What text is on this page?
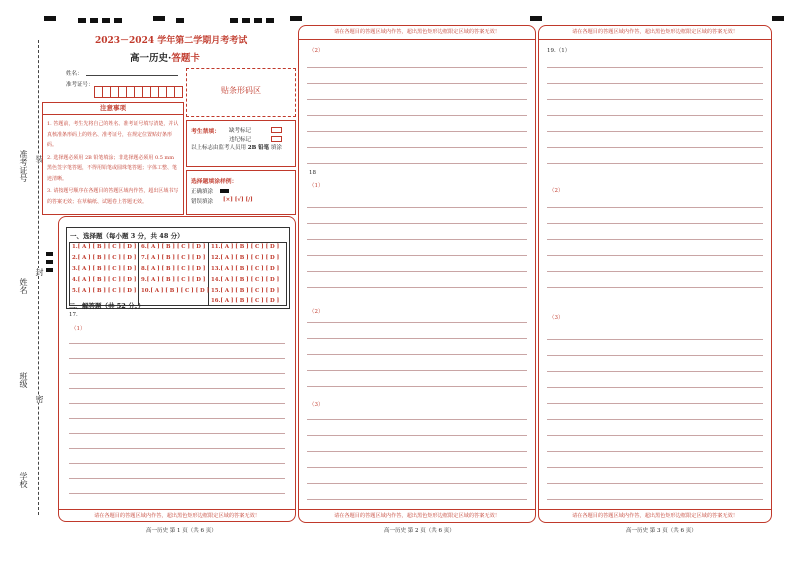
准考证号
姓名
班级
学校
装
封
密
2023－2024 学年第二学期月考考试
高一历史·答题卡
姓名：
准考证号：
贴条形码区
注意事项
1. 答题前，考生先将自己的姓名、准考证号填写清楚，并认真核准条形码上的姓名、准考证号，在规定位置贴好条形码。
2. 选择题必须用 2B 铅笔填涂；非选择题必须用 0.5 mm 黑色签字笔答题，不得用铅笔或圆珠笔答题；字体工整、笔迹清晰。
3. 请按题号顺序在各题目的答题区域内作答，超出区域书写的答案无效；在草稿纸、试题卷上答题无效。
考生禁填： 缺考标记
违纪标记
以上标志由监考人员用 2B 铅笔 填涂
选择题填涂样例：
正确填涂
错误填涂 [×] [√] [/]
一、选择题（每小题 3 分，共 48 分）
1.[ A ] [ B ] [ C ] [ D ]
2.[ A ] [ B ] [ C ] [ D ]
3.[ A ] [ B ] [ C ] [ D ]
4.[ A ] [ B ] [ C ] [ D ]
5.[ A ] [ B ] [ C ] [ D ]
6.[ A ] [ B ] [ C ] [ D ]
7.[ A ] [ B ] [ C ] [ D ]
8.[ A ] [ B ] [ C ] [ D ]
9.[ A ] [ B ] [ C ] [ D ]
10.[ A ] [ B ] [ C ] [ D ]
11.[ A ] [ B ] [ C ] [ D ]
12.[ A ] [ B ] [ C ] [ D ]
13.[ A ] [ B ] [ C ] [ D ]
14.[ A ] [ B ] [ C ] [ D ]
15.[ A ] [ B ] [ C ] [ D ]
16.[ A ] [ B ] [ C ] [ D ]
二、解答题（共 52 分。）
17.
（1）
请在各题目的答题区域内作答，超出黑色矩形边框限定区域的答案无效！
请在各题目的答题区域内作答，超出黑色矩形边框限定区域的答案无效！
（2）
18
（1）
（2）
（3）
请在各题目的答题区域内作答，超出黑色矩形边框限定区域的答案无效！
请在各题目的答题区域内作答，超出黑色矩形边框限定区域的答案无效！
19.（1）
（2）
（3）
请在各题目的答题区域内作答，超出黑色矩形边框限定区域的答案无效！
高一历史 第 1 页（共 6 页）	高一历史 第 2 页（共 6 页）	高一历史 第 3 页（共 6 页）
